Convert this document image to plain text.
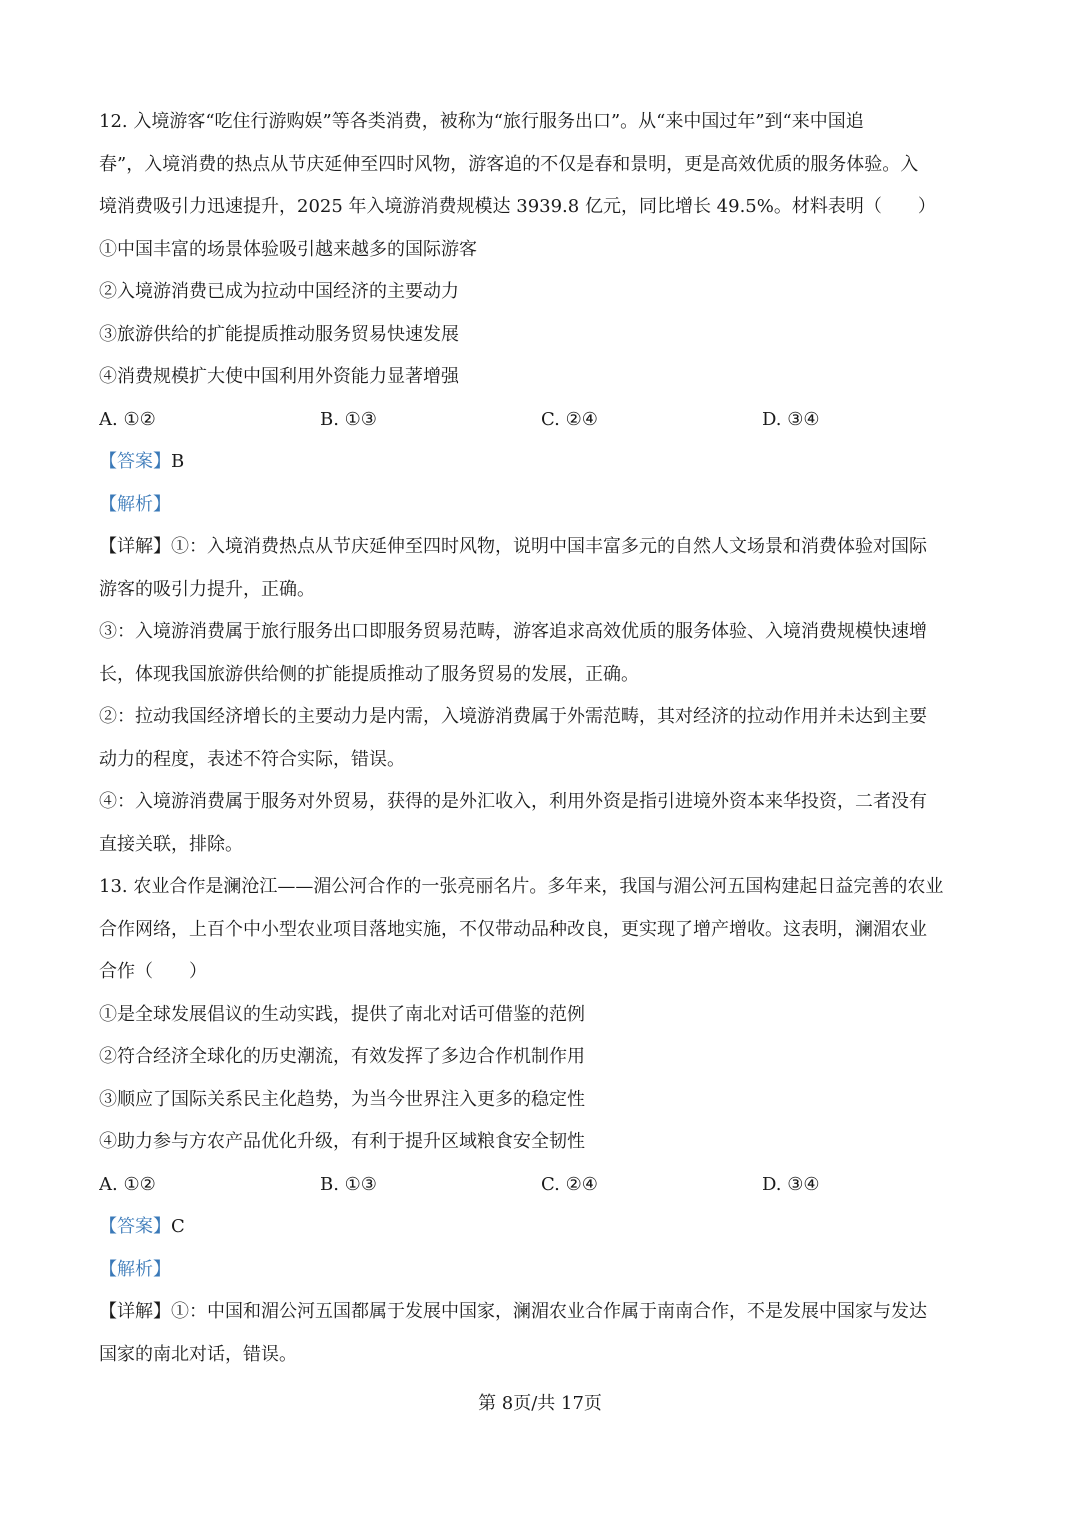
12. 入境游客“吃住行游购娱”等各类消费，被称为“旅行服务出口”。从“来中国过年”到“来中国追
春”，入境消费的热点从节庆延伸至四时风物，游客追的不仅是春和景明，更是高效优质的服务体验。入
境消费吸引力迅速提升，2025 年入境游消费规模达 3939.8 亿元，同比增长 49.5%。材料表明（　　）
①中国丰富的场景体验吸引越来越多的国际游客
②入境游消费已成为拉动中国经济的主要动力
③旅游供给的扩能提质推动服务贸易快速发展
④消费规模扩大使中国利用外资能力显著增强
A. ①②	B. ①③	C. ②④	D. ③④
【答案】B
【解析】
【详解】①：入境消费热点从节庆延伸至四时风物，说明中国丰富多元的自然人文场景和消费体验对国际
游客的吸引力提升，正确。
③：入境游消费属于旅行服务出口即服务贸易范畴，游客追求高效优质的服务体验、入境消费规模快速增
长，体现我国旅游供给侧的扩能提质推动了服务贸易的发展，正确。
②：拉动我国经济增长的主要动力是内需，入境游消费属于外需范畴，其对经济的拉动作用并未达到主要
动力的程度，表述不符合实际，错误。
④：入境游消费属于服务对外贸易，获得的是外汇收入，利用外资是指引进境外资本来华投资，二者没有
直接关联，排除。
13. 农业合作是澜沧江——湄公河合作的一张亮丽名片。多年来，我国与湄公河五国构建起日益完善的农业
合作网络，上百个中小型农业项目落地实施，不仅带动品种改良，更实现了增产增收。这表明，澜湄农业
合作（　　）
①是全球发展倡议的生动实践，提供了南北对话可借鉴的范例
②符合经济全球化的历史潮流，有效发挥了多边合作机制作用
③顺应了国际关系民主化趋势，为当今世界注入更多的稳定性
④助力参与方农产品优化升级，有利于提升区域粮食安全韧性
A. ①②	B. ①③	C. ②④	D. ③④
【答案】C
【解析】
【详解】①：中国和湄公河五国都属于发展中国家，澜湄农业合作属于南南合作，不是发展中国家与发达
国家的南北对话，错误。
第 8页/共 17页
